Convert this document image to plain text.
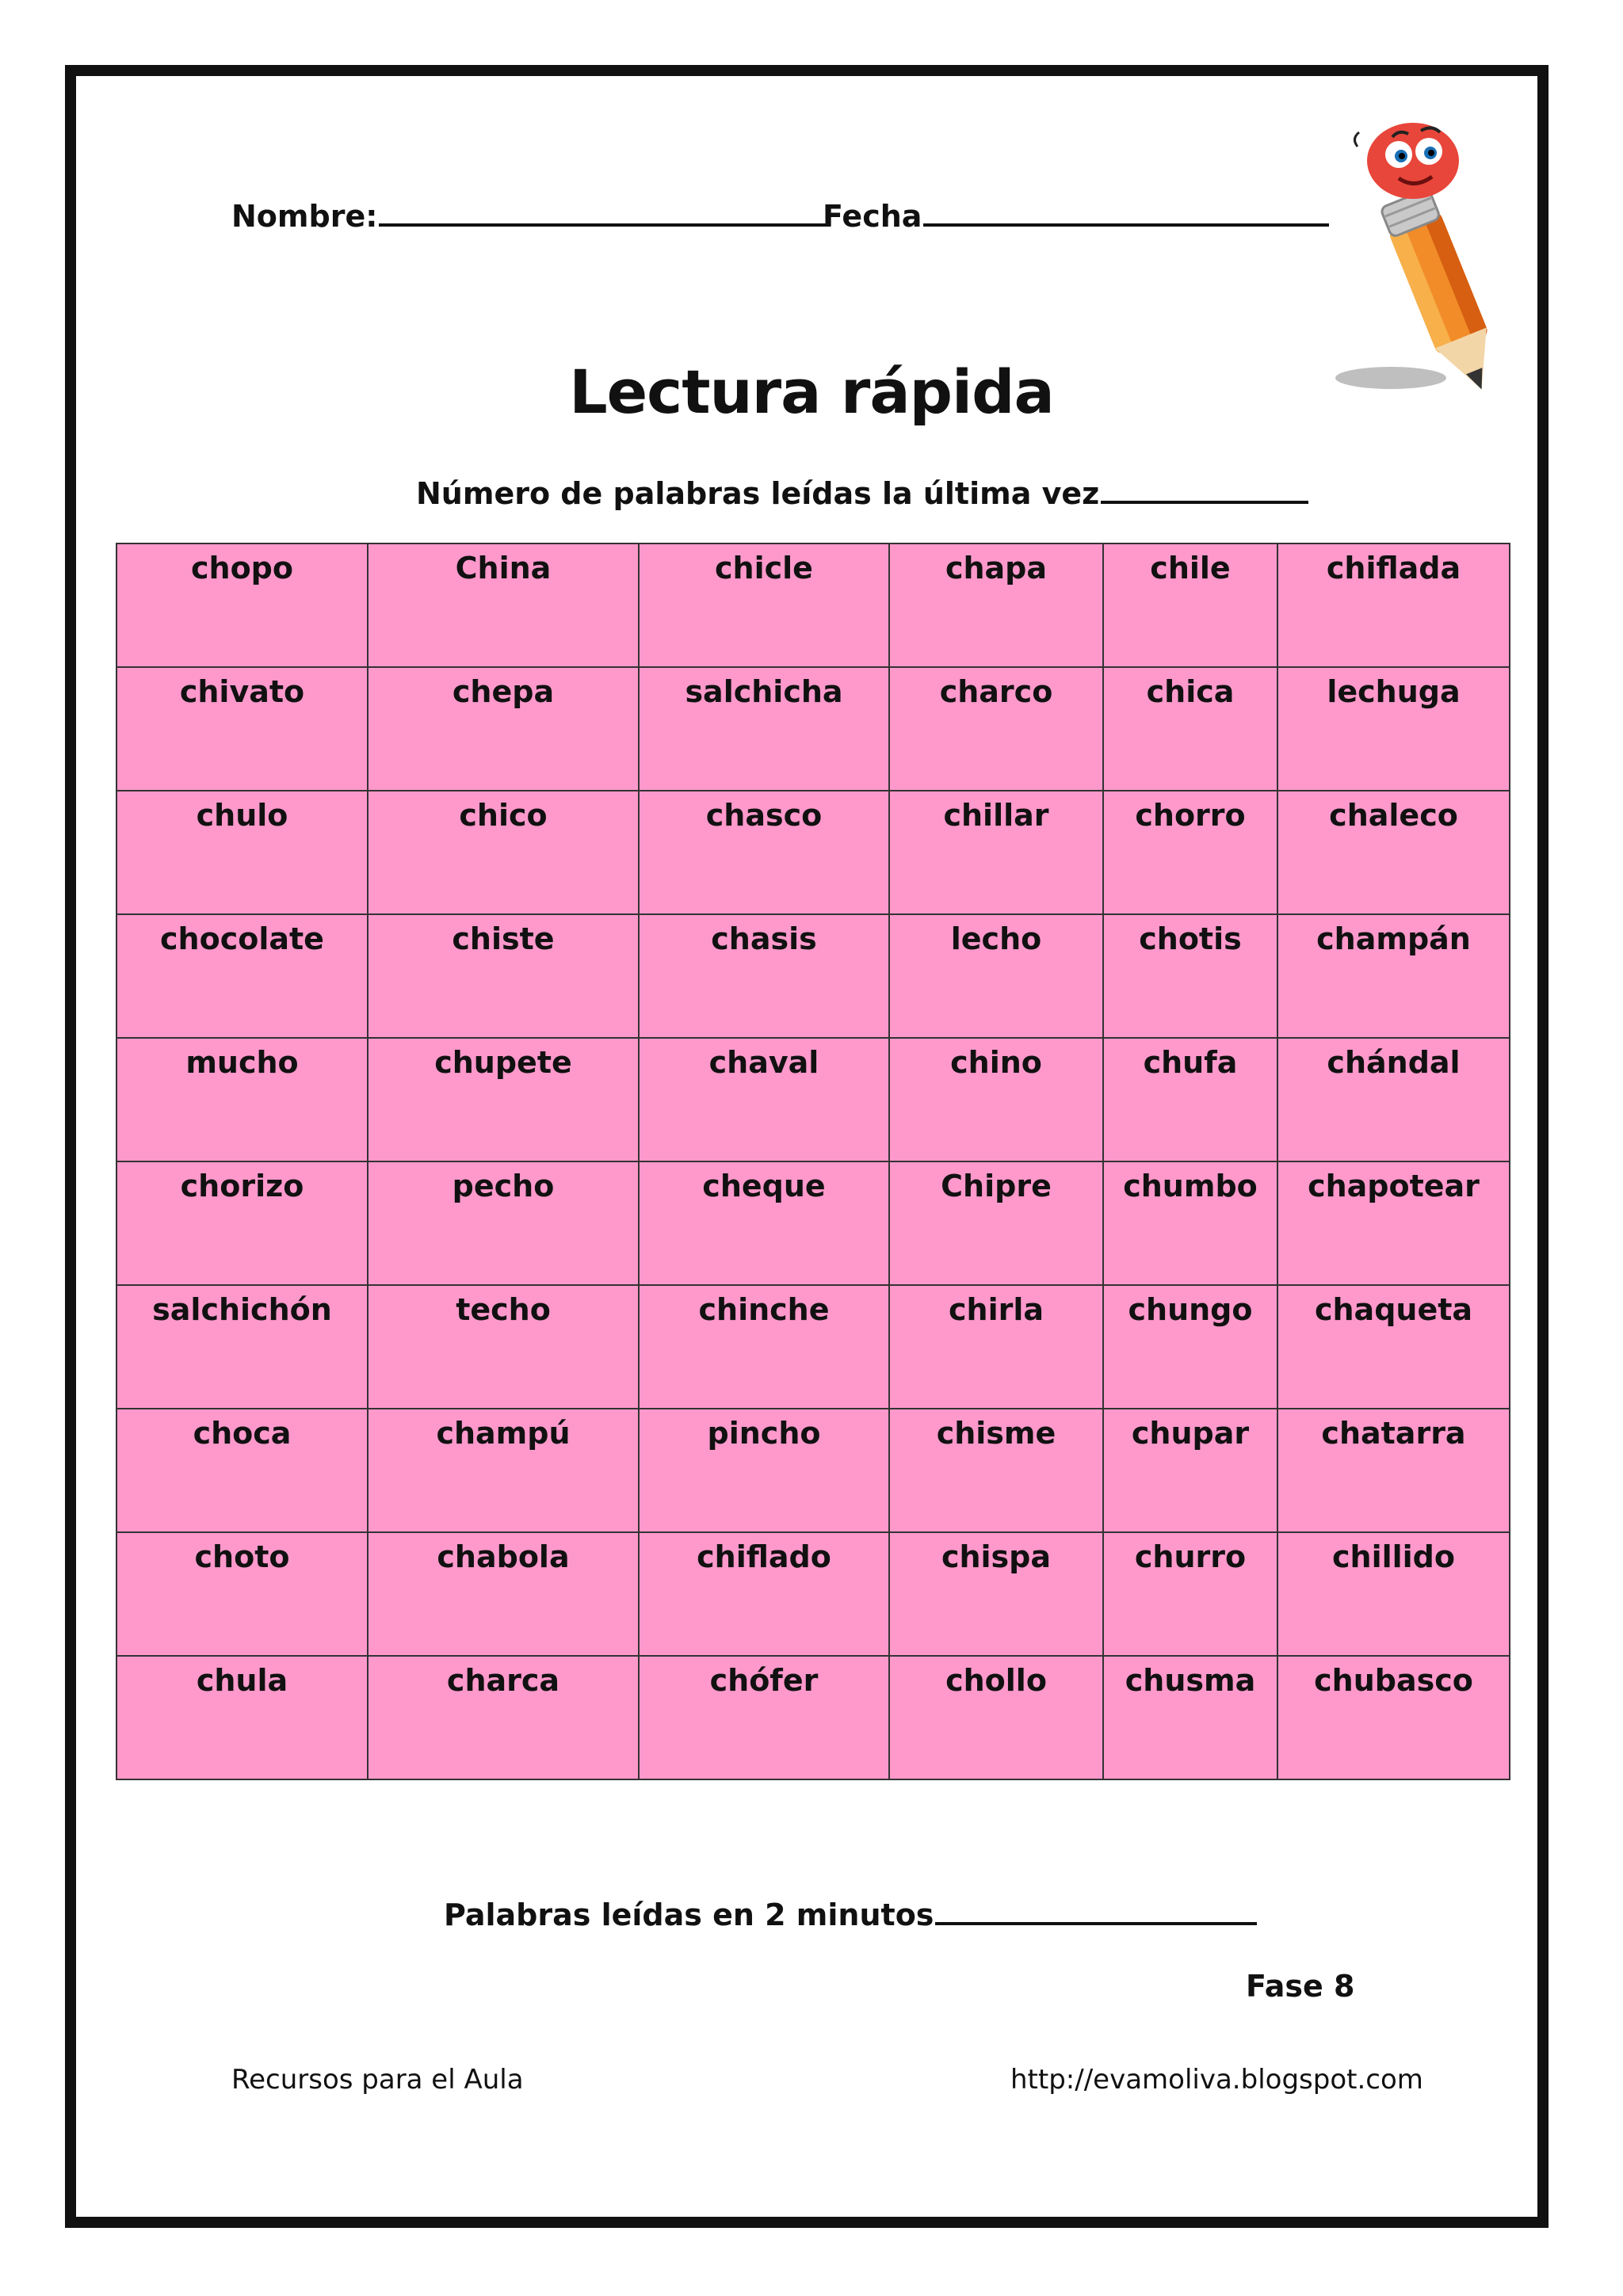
Nombre:	Fecha
Lectura rápida
Número de palabras leídas la última vez
chopo	China	chicle	chapa	chile	chiflada
chivato	chepa	salchicha	charco	chica	lechuga
chulo	chico	chasco	chillar	chorro	chaleco
chocolate	chiste	chasis	lecho	chotis	champán
mucho	chupete	chaval	chino	chufa	chándal
chorizo	pecho	cheque	Chipre	chumbo	chapotear
salchichón	techo	chinche	chirla	chungo	chaqueta
choca	champú	pincho	chisme	chupar	chatarra
choto	chabola	chiflado	chispa	churro	chillido
chula	charca	chófer	chollo	chusma	chubasco
Palabras leídas en 2 minutos
Fase 8
Recursos para el Aula	http://evamoliva.blogspot.com
